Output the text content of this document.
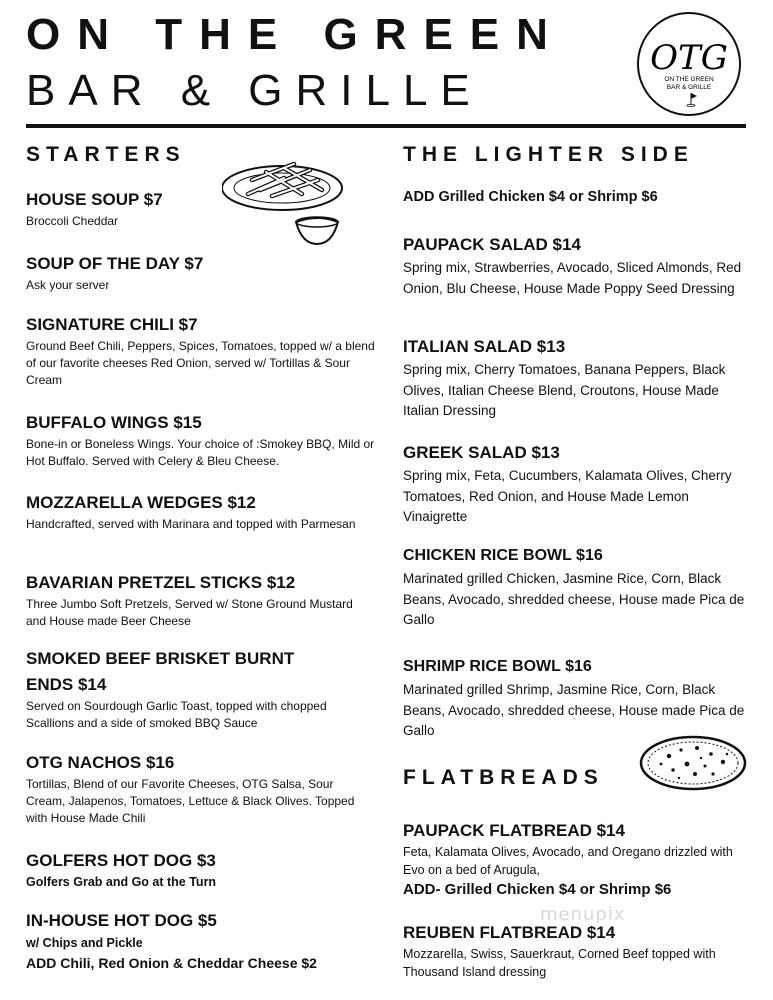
ON THE GREEN
BAR & GRILLE
OTG
ON THE GREEN
BAR & GRILLE
STARTERS
HOUSE SOUP $7
Broccoli Cheddar
SOUP OF THE DAY $7
Ask your server
SIGNATURE CHILI $7
Ground Beef Chili, Peppers, Spices, Tomatoes, topped w/ a blend of our favorite cheeses Red Onion, served w/ Tortillas & Sour Cream
BUFFALO WINGS $15
Bone-in or Boneless Wings. Your choice of :Smokey BBQ, Mild or Hot Buffalo. Served with Celery & Bleu Cheese.
MOZZARELLA WEDGES $12
Handcrafted, served with Marinara and topped with Parmesan
BAVARIAN PRETZEL STICKS $12
Three Jumbo Soft Pretzels, Served w/ Stone Ground Mustard and House made Beer Cheese
SMOKED BEEF BRISKET BURNT ENDS $14
Served on Sourdough Garlic Toast, topped with chopped Scallions and a side of smoked BBQ Sauce
OTG NACHOS $16
Tortillas, Blend of our Favorite Cheeses, OTG Salsa, Sour Cream, Jalapenos, Tomatoes, Lettuce & Black Olives. Topped with House Made Chili
GOLFERS HOT DOG $3
Golfers Grab and Go at the Turn
IN-HOUSE HOT DOG $5
w/ Chips and Pickle
ADD Chili, Red Onion & Cheddar Cheese $2
THE LIGHTER SIDE
ADD Grilled Chicken $4 or Shrimp $6
PAUPACK SALAD $14
Spring mix, Strawberries, Avocado, Sliced Almonds, Red Onion, Blu Cheese, House Made Poppy Seed Dressing
ITALIAN SALAD $13
Spring mix, Cherry Tomatoes, Banana Peppers, Black Olives, Italian Cheese Blend, Croutons, House Made Italian Dressing
GREEK SALAD $13
Spring mix, Feta, Cucumbers, Kalamata Olives, Cherry Tomatoes, Red Onion, and House Made Lemon Vinaigrette
CHICKEN RICE BOWL $16
Marinated grilled Chicken, Jasmine Rice, Corn, Black Beans, Avocado, shredded cheese, House made Pica de Gallo
SHRIMP RICE BOWL $16
Marinated grilled Shrimp, Jasmine Rice, Corn, Black Beans, Avocado, shredded cheese, House made Pica de Gallo
FLATBREADS
PAUPACK FLATBREAD $14
Feta, Kalamata Olives, Avocado, and Oregano drizzled with Evo on a bed of Arugula,
ADD- Grilled Chicken $4 or Shrimp $6
REUBEN FLATBREAD $14
Mozzarella, Swiss, Sauerkraut, Corned Beef topped with Thousand Island dressing
menupix
